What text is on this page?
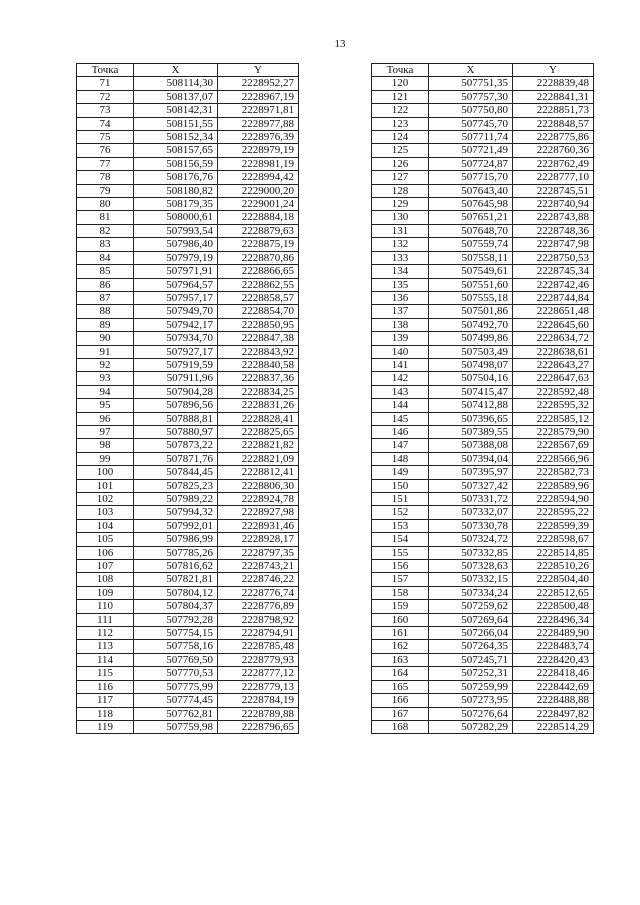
13
Точка	X	Y
71	508114,30	2228952,27
72	508137,07	2228967,19
73	508142,31	2228971,81
74	508151,55	2228977,88
75	508152,34	2228976,39
76	508157,65	2228979,19
77	508156,59	2228981,19
78	508176,76	2228994,42
79	508180,82	2229000,20
80	508179,35	2229001,24
81	508000,61	2228884,18
82	507993,54	2228879,63
83	507986,40	2228875,19
84	507979,19	2228870,86
85	507971,91	2228866,65
86	507964,57	2228862,55
87	507957,17	2228858,57
88	507949,70	2228854,70
89	507942,17	2228850,95
90	507934,70	2228847,38
91	507927,17	2228843,92
92	507919,59	2228840,58
93	507911,96	2228837,36
94	507904,28	2228834,25
95	507896,56	2228831,26
96	507888,81	2228828,41
97	507880,97	2228825,65
98	507873,22	2228821,82
99	507871,76	2228821,09
100	507844,45	2228812,41
101	507825,23	2228806,30
102	507989,22	2228924,78
103	507994,32	2228927,98
104	507992,01	2228931,46
105	507986,99	2228928,17
106	507785,26	2228797,35
107	507816,62	2228743,21
108	507821,81	2228746,22
109	507804,12	2228776,74
110	507804,37	2228776,89
111	507792,28	2228798,92
112	507754,15	2228794,91
113	507758,16	2228785,48
114	507769,50	2228779,93
115	507770,53	2228777,12
116	507775,99	2228779,13
117	507774,45	2228784,19
118	507762,81	2228789,88
119	507759,98	2228796,65
Точка	X	Y
120	507751,35	2228839,48
121	507757,30	2228841,31
122	507750,80	2228851,73
123	507745,70	2228848,57
124	507711,74	2228775,86
125	507721,49	2228760,36
126	507724,87	2228762,49
127	507715,70	2228777,10
128	507643,40	2228745,51
129	507645,98	2228740,94
130	507651,21	2228743,88
131	507648,70	2228748,36
132	507559,74	2228747,98
133	507558,11	2228750,53
134	507549,61	2228745,34
135	507551,60	2228742,46
136	507555,18	2228744,84
137	507501,86	2228651,48
138	507492,70	2228645,60
139	507499,86	2228634,72
140	507503,49	2228638,61
141	507498,07	2228643,27
142	507504,16	2228647,63
143	507415,47	2228592,48
144	507412,88	2228595,32
145	507396,65	2228585,12
146	507389,55	2228579,90
147	507388,08	2228567,69
148	507394,04	2228566,96
149	507395,97	2228582,73
150	507327,42	2228589,96
151	507331,72	2228594,90
152	507332,07	2228595,22
153	507330,78	2228599,39
154	507324,72	2228598,67
155	507332,85	2228514,85
156	507328,63	2228510,26
157	507332,15	2228504,40
158	507334,24	2228512,65
159	507259,62	2228500,48
160	507269,64	2228496,34
161	507266,04	2228489,90
162	507264,35	2228483,74
163	507245,71	2228420,43
164	507252,31	2228418,46
165	507259,99	2228442,69
166	507273,95	2228488,88
167	507276,64	2228497,82
168	507282,29	2228514,29
